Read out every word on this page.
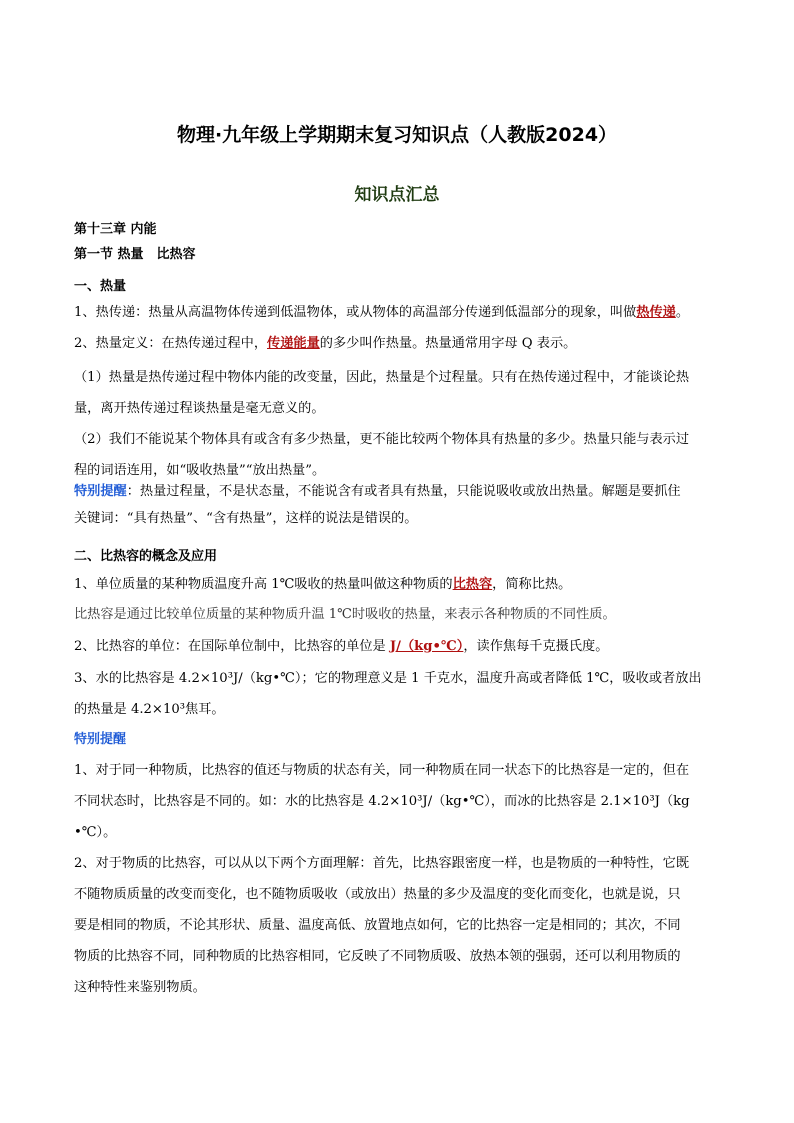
物理·九年级上学期期末复习知识点（人教版2024）
知识点汇总
第十三章 内能
第一节 热量　比热容
一、热量
1、热传递：热量从高温物体传递到低温物体，或从物体的高温部分传递到低温部分的现象，叫做热传递。
2、热量定义：在热传递过程中，传递能量的多少叫作热量。热量通常用字母 Q 表示。
（1）热量是热传递过程中物体内能的改变量，因此，热量是个过程量。只有在热传递过程中，才能谈论热
量，离开热传递过程谈热量是毫无意义的。
（2）我们不能说某个物体具有或含有多少热量，更不能比较两个物体具有热量的多少。热量只能与表示过
程的词语连用，如“吸收热量”“放出热量”。
特别提醒：热量过程量，不是状态量，不能说含有或者具有热量，只能说吸收或放出热量。解题是要抓住
关键词：“具有热量”、“含有热量”，这样的说法是错误的。
二、比热容的概念及应用
1、单位质量的某种物质温度升高 1℃吸收的热量叫做这种物质的比热容，简称比热。
比热容是通过比较单位质量的某种物质升温 1℃时吸收的热量，来表示各种物质的不同性质。
2、比热容的单位：在国际单位制中，比热容的单位是 J/（kg•℃），读作焦每千克摄氏度。
3、水的比热容是 4.2×10³J/（kg•℃）；它的物理意义是 1 千克水，温度升高或者降低 1℃，吸收或者放出
的热量是 4.2×10³焦耳。
特别提醒
1、对于同一种物质，比热容的值还与物质的状态有关，同一种物质在同一状态下的比热容是一定的，但在
不同状态时，比热容是不同的。如：水的比热容是 4.2×10³J/（kg•℃），而冰的比热容是 2.1×10³J（kg
•℃）。
2、对于物质的比热容，可以从以下两个方面理解：首先，比热容跟密度一样，也是物质的一种特性，它既
不随物质质量的改变而变化，也不随物质吸收（或放出）热量的多少及温度的变化而变化，也就是说，只
要是相同的物质，不论其形状、质量、温度高低、放置地点如何，它的比热容一定是相同的；其次，不同
物质的比热容不同，同种物质的比热容相同，它反映了不同物质吸、放热本领的强弱，还可以利用物质的
这种特性来鉴别物质。
